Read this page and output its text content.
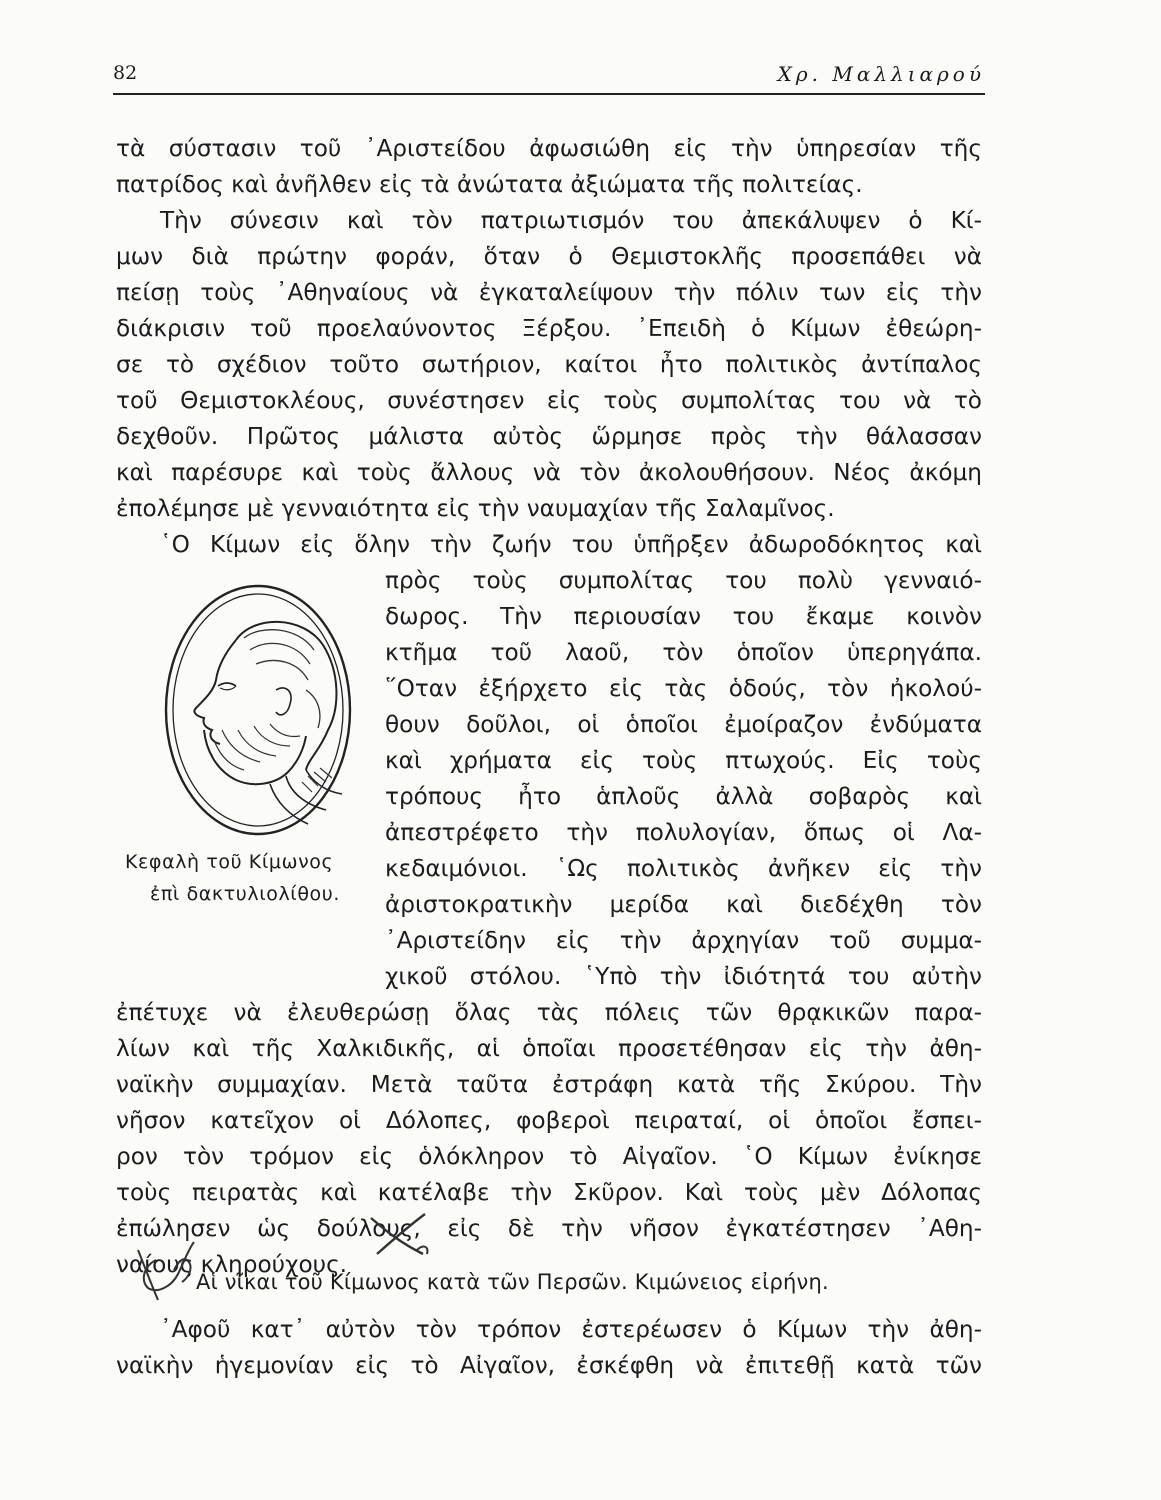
82	Χρ. Μαλλιαρού
τὰ σύστασιν τοῦ ᾿Αριστείδου ἀφωσιώθη εἰς τὴν ὑπηρεσίαν τῆς
πατρίδος καὶ ἀνῆλθεν εἰς τὰ ἀνώτατα ἀξιώματα τῆς πολιτείας.
Τὴν σύνεσιν καὶ τὸν πατριωτισμόν του ἀπεκάλυψεν ὁ Κί-
μων διὰ πρώτην φοράν, ὅταν ὁ Θεμιστοκλῆς προσεπάθει νὰ
πείσῃ τοὺς ᾿Αθηναίους νὰ ἐγκαταλείψουν τὴν πόλιν των εἰς τὴν
διάκρισιν τοῦ προελαύνοντος Ξέρξου. ᾿Επειδὴ ὁ Κίμων ἐθεώρη-
σε τὸ σχέδιον τοῦτο σωτήριον, καίτοι ἦτο πολιτικὸς ἀντίπαλος
τοῦ Θεμιστοκλέους, συνέστησεν εἰς τοὺς συμπολίτας του νὰ τὸ
δεχθοῦν. Πρῶτος μάλιστα αὐτὸς ὥρμησε πρὸς τὴν θάλασσαν
καὶ παρέσυρε καὶ τοὺς ἄλλους νὰ τὸν ἀκολουθήσουν. Νέος ἀκόμη
ἐπολέμησε μὲ γενναιότητα εἰς τὴν ναυμαχίαν τῆς Σαλαμῖνος.
῾Ο Κίμων εἰς ὅλην τὴν ζωήν του ὑπῆρξεν ἀδωροδόκητος καὶ
πρὸς τοὺς συμπολίτας του πολὺ γενναιό-
δωρος. Τὴν περιουσίαν του ἔκαμε κοινὸν
κτῆμα τοῦ λαοῦ, τὸν ὁποῖον ὑπερηγάπα.
῞Οταν ἐξήρχετο εἰς τὰς ὁδούς, τὸν ἠκολού-
θουν δοῦλοι, οἱ ὁποῖοι ἐμοίραζον ἐνδύματα
καὶ χρήματα εἰς τοὺς πτωχούς. Εἰς τοὺς
τρόπους ἦτο ἁπλοῦς ἀλλὰ σοβαρὸς καὶ
ἀπεστρέφετο τὴν πολυλογίαν, ὅπως οἱ Λα-
κεδαιμόνιοι. ῾Ως πολιτικὸς ἀνῆκεν εἰς τὴν
ἀριστοκρατικὴν μερίδα καὶ διεδέχθη τὸν
᾿Αριστείδην εἰς τὴν ἀρχηγίαν τοῦ συμμα-
χικοῦ στόλου. ῾Υπὸ τὴν ἰδιότητά του αὐτὴν
ἐπέτυχε νὰ ἐλευθερώσῃ ὅλας τὰς πόλεις τῶν θρᾳκικῶν παρα-
λίων καὶ τῆς Χαλκιδικῆς, αἱ ὁποῖαι προσετέθησαν εἰς τὴν ἀθη-
ναϊκὴν συμμαχίαν. Μετὰ ταῦτα ἐστράφη κατὰ τῆς Σκύρου. Τὴν
νῆσον κατεῖχον οἱ Δόλοπες, φοβεροὶ πειραταί, οἱ ὁποῖοι ἔσπει-
ρον τὸν τρόμον εἰς ὁλόκληρον τὸ Αἰγαῖον. ῾Ο Κίμων ἐνίκησε
τοὺς πειρατὰς καὶ κατέλαβε τὴν Σκῦρον. Καὶ τοὺς μὲν Δόλοπας
ἐπώλησεν ὡς δούλους, εἰς δὲ τὴν νῆσον ἐγκατέστησεν ᾿Αθη-
ναίους κληρούχους.
Κεφαλὴ τοῦ Κίμωνος
ἐπὶ δακτυλιολίθου.
Αἱ νῖκαι τοῦ Κίμωνος κατὰ τῶν Περσῶν. Κιμώνειος εἰρήνη.
᾿Αφοῦ κατ᾿ αὐτὸν τὸν τρόπον ἐστερέωσεν ὁ Κίμων τὴν ἀθη-
ναϊκὴν ἡγεμονίαν εἰς τὸ Αἰγαῖον, ἐσκέφθη νὰ ἐπιτεθῇ κατὰ τῶν
